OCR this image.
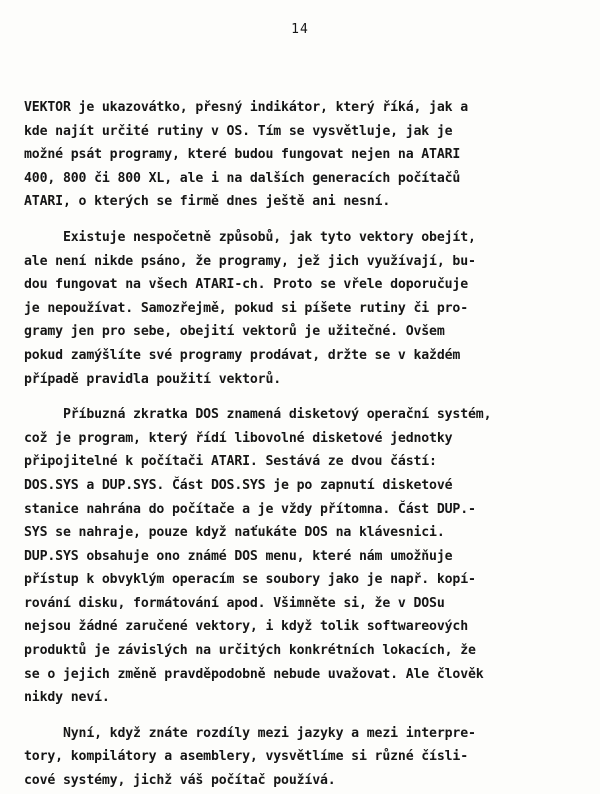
14

VEKTOR je ukazovátko, přesný indikátor, který říká, jak a
kde najít určité rutiny v OS. Tím se vysvětluje, jak je
možné psát programy, které budou fungovat nejen na ATARI
400, 800 či 800 XL, ale i na dalších generacích počítačů
ATARI, o kterých se firmě dnes ještě ani nesní.

Existuje nespočetně způsobů, jak tyto vektory obejít,
ale není nikde psáno, že programy, jež jich využívají, bu-
dou fungovat na všech ATARI-ch. Proto se vřele doporučuje
je nepoužívat. Samozřejmě, pokud si píšete rutiny či pro-
gramy jen pro sebe, obejití vektorů je užitečné. Ovšem
pokud zamýšlíte své programy prodávat, držte se v každém
případě pravidla použití vektorů.

Příbuzná zkratka DOS znamená disketový operační systém,
což je program, který řídí libovolné disketové jednotky
připojitelné k počítači ATARI. Sestává ze dvou částí:
DOS.SYS a DUP.SYS. Část DOS.SYS je po zapnutí disketové
stanice nahrána do počítače a je vždy přítomna. Část DUP.-
SYS se nahraje, pouze když naťukáte DOS na klávesnici.
DUP.SYS obsahuje ono známé DOS menu, které nám umožňuje
přístup k obvyklým operacím se soubory jako je např. kopí-
rování disku, formátování apod. Všimněte si, že v DOSu
nejsou žádné zaručené vektory, i když tolik softwareových
produktů je závislých na určitých konkrétních lokacích, že
se o jejich změně pravděpodobně nebude uvažovat. Ale člověk
nikdy neví.

Nyní, když znáte rozdíly mezi jazyky a mezi interpre-
tory, kompilátory a asemblery, vysvětlíme si různé čísli-
cové systémy, jichž váš počítač používá.
